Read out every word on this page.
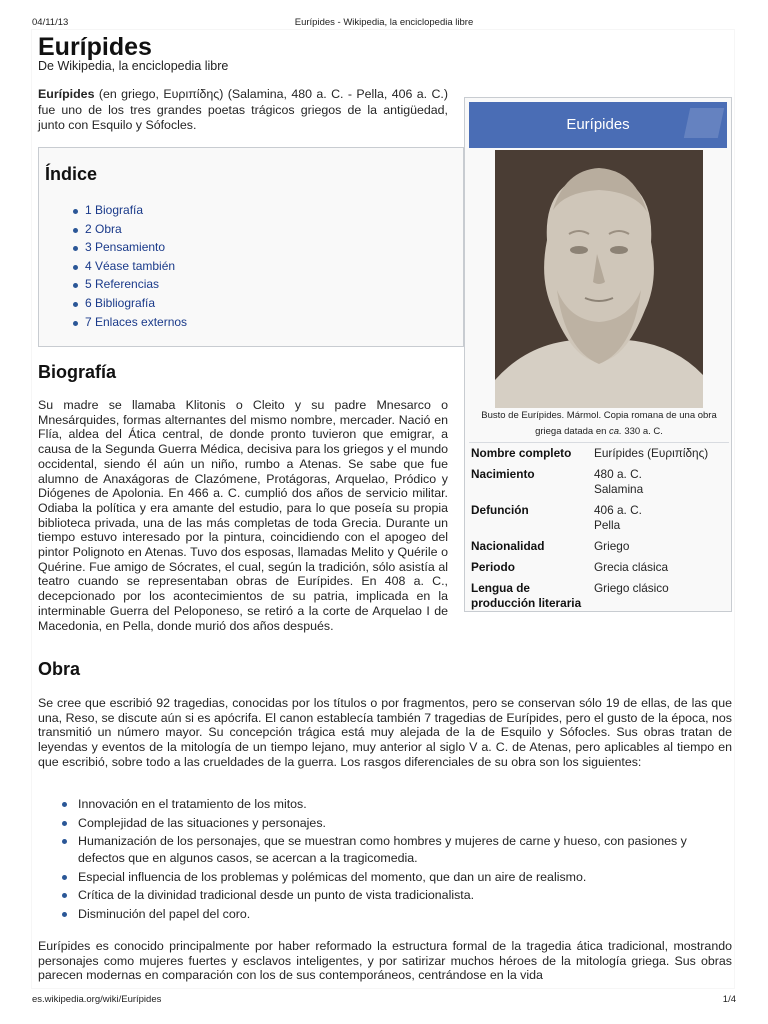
04/11/13	Eurípides - Wikipedia, la enciclopedia libre
Eurípides
De Wikipedia, la enciclopedia libre

Eurípides (en griego, Ευριπίδης) (Salamina, 480 a. C. - Pella, 406 a. C.) fue uno de los tres grandes poetas trágicos griegos de la antigüedad, junto con Esquilo y Sófocles.

Índice
1 Biografía
2 Obra
3 Pensamiento
4 Véase también
5 Referencias
6 Bibliografía
7 Enlaces externos
Biografía

Su madre se llamaba Klitonis o Cleito y su padre Mnesarco o Mnesárquides, formas alternantes del mismo nombre, mercader. Nació en Flía, aldea del Ática central, de donde pronto tuvieron que emigrar, a causa de la Segunda Guerra Médica, decisiva para los griegos y el mundo occidental, siendo él aún un niño, rumbo a Atenas. Se sabe que fue alumno de Anaxágoras de Clazómene, Protágoras, Arquelao, Pródico y Diógenes de Apolonia. En 466 a. C. cumplió dos años de servicio militar. Odiaba la política y era amante del estudio, para lo que poseía su propia biblioteca privada, una de las más completas de toda Grecia. Durante un tiempo estuvo interesado por la pintura, coincidiendo con el apogeo del pintor Polignoto en Atenas. Tuvo dos esposas, llamadas Melito y Quérile o Quérine. Fue amigo de Sócrates, el cual, según la tradición, sólo asistía al teatro cuando se representaban obras de Eurípides. En 408 a. C., decepcionado por los acontecimientos de su patria, implicada en la interminable Guerra del Peloponeso, se retiró a la corte de Arquelao I de Macedonia, en Pella, donde murió dos años después.

Obra

Se cree que escribió 92 tragedias, conocidas por los títulos o por fragmentos, pero se conservan sólo 19 de ellas, de las que una, Reso, se discute aún si es apócrifa. El canon establecía también 7 tragedias de Eurípides, pero el gusto de la época, nos transmitió un número mayor. Su concepción trágica está muy alejada de la de Esquilo y Sófocles. Sus obras tratan de leyendas y eventos de la mitología de un tiempo lejano, muy anterior al siglo V a. C. de Atenas, pero aplicables al tiempo en que escribió, sobre todo a las crueldades de la guerra. Los rasgos diferenciales de su obra son los siguientes:

Innovación en el tratamiento de los mitos.
Complejidad de las situaciones y personajes.
Humanización de los personajes, que se muestran como hombres y mujeres de carne y hueso, con pasiones y defectos que en algunos casos, se acercan a la tragicomedia.
Especial influencia de los problemas y polémicas del momento, que dan un aire de realismo.
Crítica de la divinidad tradicional desde un punto de vista tradicionalista.
Disminución del papel del coro.

Eurípides es conocido principalmente por haber reformado la estructura formal de la tragedia ática tradicional, mostrando personajes como mujeres fuertes y esclavos inteligentes, y por satirizar muchos héroes de la mitología griega. Sus obras parecen modernas en comparación con los de sus contemporáneos, centrándose en la vida

Eurípides
Busto de Eurípides. Mármol. Copia romana de una obra griega datada en ca. 330 a. C.
Nombre completo	Eurípides (Ευριπίδης)
Nacimiento	480 a. C.
Salamina
Defunción	406 a. C.
Pella
Nacionalidad	Griego
Periodo	Grecia clásica
Lengua de producción literaria	Griego clásico
es.wikipedia.org/wiki/Eurípides	1/4
